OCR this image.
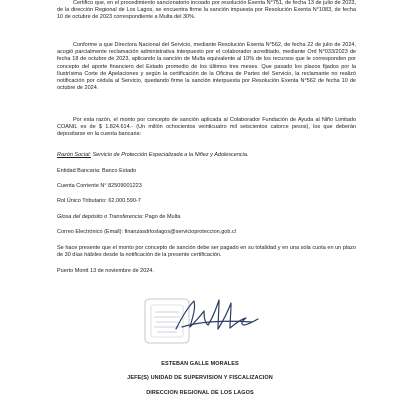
Certifico que, en el procedimiento sancionatorio incoado por resolución Exenta N°751, de fecha 13 de julio de 2023, de la dirección Regional de Los Lagos, se encuentra firme la sanción impuesta por Resolución Exenta N°1083, de fecha 10 de octubre de 2023 correspondiente a Multa del 30%.

Conforme a que Directora Nacional del Servicio, mediante Resolución Exenta N°562, de fecha 22 de julio de 2024, acogió parcialmente reclamación administrativa interpuesto por el colaborador acreditado, mediante Ord N°033/2023 de fecha 18 de octubre de 2023, aplicando la sanción de Multa equivalente al 10% de los recursos que le corresponden por concepto del aporte financiero del Estado promedio de los últimos tres meses. Que pasado los plazos fijados por la Ilustrísima Corte de Apelaciones y según la certificación de la Oficina de Partes del Servicio, la reclamante no realizó notificación por cédula al Servicio, quedando firme la sanción interpuesta por Resolución Exenta N°562 de fecha 10 de octubre de 2024.

Por esta razón, el monto por concepto de sanción aplicada al Colaborador Fundación de Ayuda al Niño Limitado COANIL es de $ 1.824.614.- (Un millón ochocientos veinticuatro mil seiscientos catorce pesos), los que deberán depositarse en la cuenta bancaria:

Razón Social: Servicio de Protección Especializada a la Niñez y Adolescencia.

Entidad Bancaria: Banco Estado

Cuenta Corriente N° 82509001223

Rol Único Tributario: 62.000.590-7

Glosa del depósito o Transferencia: Pago de Multa

Correo Electrónico (Email): finanzasdrloslagos@servicioproteccion.gob.cl

Se hace presente que el monto por concepto de sanción debe ser pagado en su totalidad y en una sola cuota en un plazo de 30 días hábiles desde la notificación de la presente certificación.

Puerto Montt 13 de noviembre de 2024.

ESTEBAN GALLE MORALES
JEFE(S) UNIDAD DE SUPERVISION Y FISCALIZACION
DIRECCION REGIONAL DE LOS LAGOS
